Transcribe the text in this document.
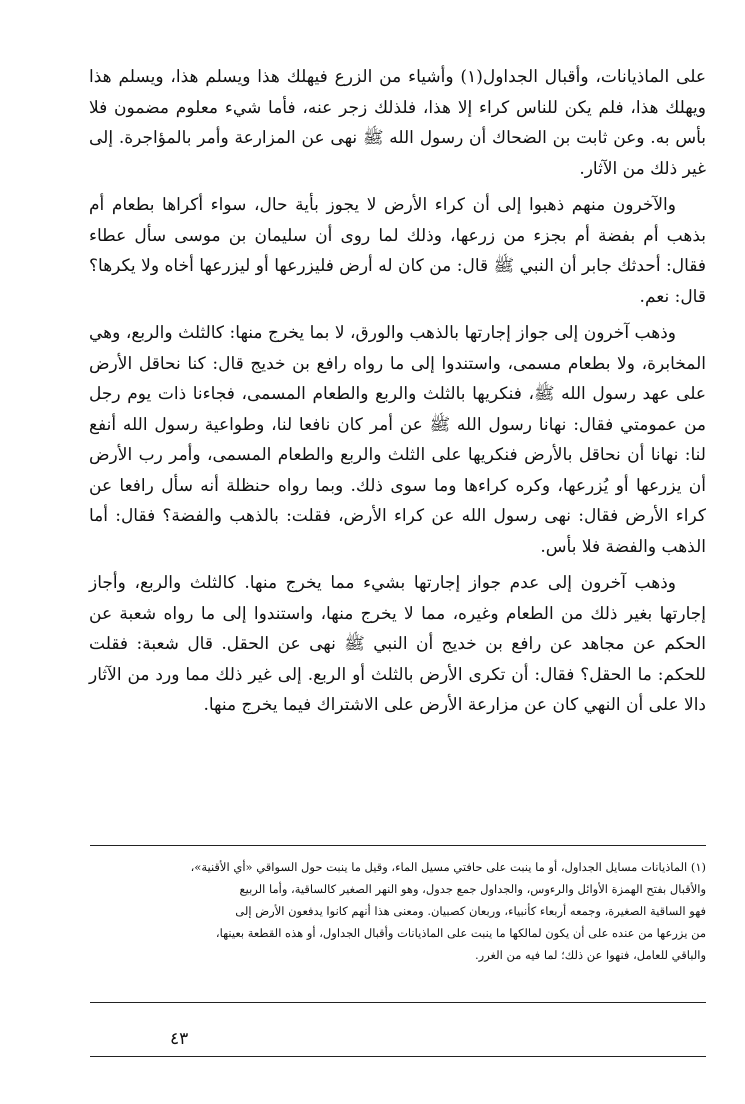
على الماذيانات، وأقبال الجداول(١) وأشياء من الزرع فيهلك هذا ويسلم هذا، ويسلم هذا ويهلك هذا، فلم يكن للناس كراء إلا هذا، فلذلك زجر عنه، فأما شيء معلوم مضمون فلا بأس به. وعن ثابت بن الضحاك أن رسول الله ﷺ نهى عن المزارعة وأمر بالمؤاجرة. إلى غير ذلك من الآثار.

والآخرون منهم ذهبوا إلى أن كراء الأرض لا يجوز بأية حال، سواء أكراها بطعام أم بذهب أم بفضة أم بجزء من زرعها، وذلك لما روى أن سليمان بن موسى سأل عطاء فقال: أحدثك جابر أن النبي ﷺ قال: من كان له أرض فليزرعها أو ليزرعها أخاه ولا يكرها؟ قال: نعم.

وذهب آخرون إلى جواز إجارتها بالذهب والورق، لا بما يخرج منها: كالثلث والربع، وهي المخابرة، ولا بطعام مسمى، واستندوا إلى ما رواه رافع بن خديج قال: كنا نحاقل الأرض على عهد رسول الله ﷺ، فنكريها بالثلث والربع والطعام المسمى، فجاءنا ذات يوم رجل من عمومتي فقال: نهانا رسول الله ﷺ عن أمر كان نافعا لنا، وطواعية رسول الله أنفع لنا: نهانا أن نحاقل بالأرض فنكريها على الثلث والربع والطعام المسمى، وأمر رب الأرض أن يزرعها أو يُزرعها، وكره كراءها وما سوى ذلك. وبما رواه حنظلة أنه سأل رافعا عن كراء الأرض فقال: نهى رسول الله عن كراء الأرض، فقلت: بالذهب والفضة؟ فقال: أما الذهب والفضة فلا بأس.

وذهب آخرون إلى عدم جواز إجارتها بشيء مما يخرج منها. كالثلث والربع، وأجاز إجارتها بغير ذلك من الطعام وغيره، مما لا يخرج منها، واستندوا إلى ما رواه شعبة عن الحكم عن مجاهد عن رافع بن خديج أن النبي ﷺ نهى عن الحقل. قال شعبة: فقلت للحكم: ما الحقل؟ فقال: أن تكرى الأرض بالثلث أو الربع. إلى غير ذلك مما ورد من الآثار دالا على أن النهي كان عن مزارعة الأرض على الاشتراك فيما يخرج منها.

(١) الماذيانات مسايل الجداول، أو ما ينبت على حافتي مسيل الماء، وقيل ما ينبت حول السواقي «أي الأقنية»،

والأقبال بفتح الهمزة الأوائل والرءوس، والجداول جمع جدول، وهو النهر الصغير كالساقية، وأما الربيع

فهو الساقية الصغيرة، وجمعه أربعاء كأنبياء، وربعان كصبيان. ومعنى هذا أنهم كانوا يدفعون الأرض إلى

من يزرعها من عنده على أن يكون لمالكها ما ينبت على الماذيانات وأقبال الجداول، أو هذه القطعة بعينها،

والباقي للعامل، فنهوا عن ذلك؛ لما فيه من الغرر.

٤٣
